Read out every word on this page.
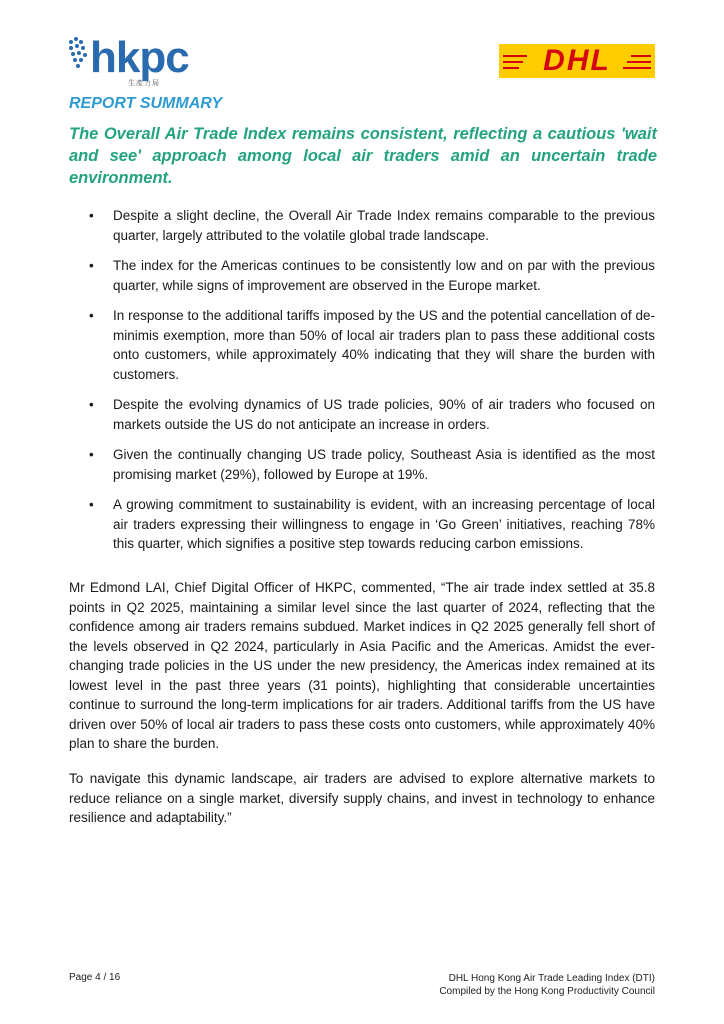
hkpc
生產力局
DHL
REPORT SUMMARY
The Overall Air Trade Index remains consistent, reflecting a cautious 'wait and see' approach among local air traders amid an uncertain trade environment.
• Despite a slight decline, the Overall Air Trade Index remains comparable to the previous quarter, largely attributed to the volatile global trade landscape.
• The index for the Americas continues to be consistently low and on par with the previous quarter, while signs of improvement are observed in the Europe market.
• In response to the additional tariffs imposed by the US and the potential cancellation of de-minimis exemption, more than 50% of local air traders plan to pass these additional costs onto customers, while approximately 40% indicating that they will share the burden with customers.
• Despite the evolving dynamics of US trade policies, 90% of air traders who focused on markets outside the US do not anticipate an increase in orders.
• Given the continually changing US trade policy, Southeast Asia is identified as the most promising market (29%), followed by Europe at 19%.
• A growing commitment to sustainability is evident, with an increasing percentage of local air traders expressing their willingness to engage in ‘Go Green’ initiatives, reaching 78% this quarter, which signifies a positive step towards reducing carbon emissions.

Mr Edmond LAI, Chief Digital Officer of HKPC, commented, “The air trade index settled at 35.8 points in Q2 2025, maintaining a similar level since the last quarter of 2024, reflecting that the confidence among air traders remains subdued. Market indices in Q2 2025 generally fell short of the levels observed in Q2 2024, particularly in Asia Pacific and the Americas. Amidst the ever-changing trade policies in the US under the new presidency, the Americas index remained at its lowest level in the past three years (31 points), highlighting that considerable uncertainties continue to surround the long-term implications for air traders. Additional tariffs from the US have driven over 50% of local air traders to pass these costs onto customers, while approximately 40% plan to share the burden.

To navigate this dynamic landscape, air traders are advised to explore alternative markets to reduce reliance on a single market, diversify supply chains, and invest in technology to enhance resilience and adaptability.”

Page 4 / 16	DHL Hong Kong Air Trade Leading Index (DTI)
Compiled by the Hong Kong Productivity Council
